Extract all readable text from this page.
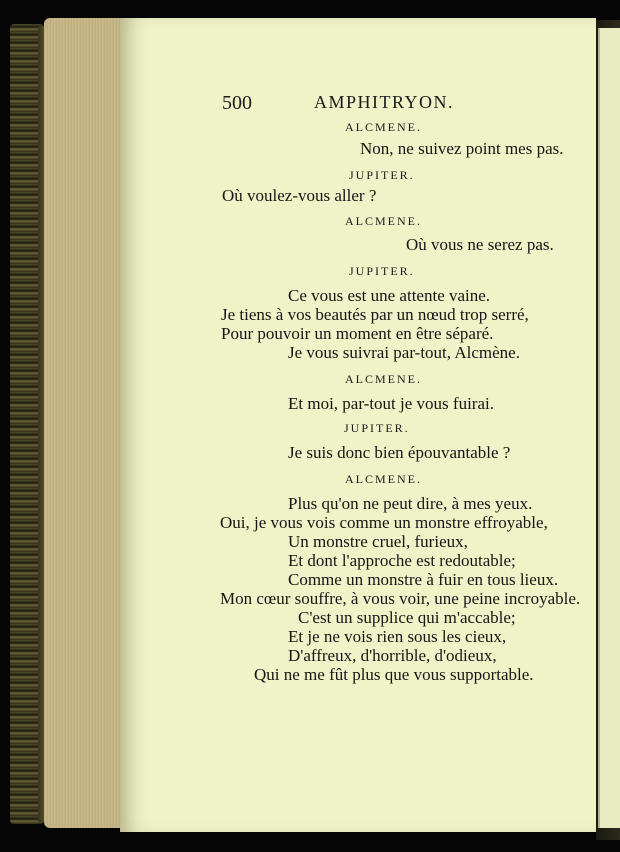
500	AMPHITRYON.
ALCMENE.
Non, ne suivez point mes pas.
JUPITER.
Où voulez-vous aller ?
ALCMENE.
Où vous ne serez pas.
JUPITER.
Ce vous est une attente vaine.
Je tiens à vos beautés par un nœud trop serré,
Pour pouvoir un moment en être séparé.
Je vous suivrai par-tout, Alcmène.
ALCMENE.
Et moi, par-tout je vous fuirai.
JUPITER.
Je suis donc bien épouvantable ?
ALCMENE.
Plus qu'on ne peut dire, à mes yeux.
Oui, je vous vois comme un monstre effroyable,
Un monstre cruel, furieux,
Et dont l'approche est redoutable;
Comme un monstre à fuir en tous lieux.
Mon cœur souffre, à vous voir, une peine incroyable.
C'est un supplice qui m'accable;
Et je ne vois rien sous les cieux,
D'affreux, d'horrible, d'odieux,
Qui ne me fût plus que vous supportable.
